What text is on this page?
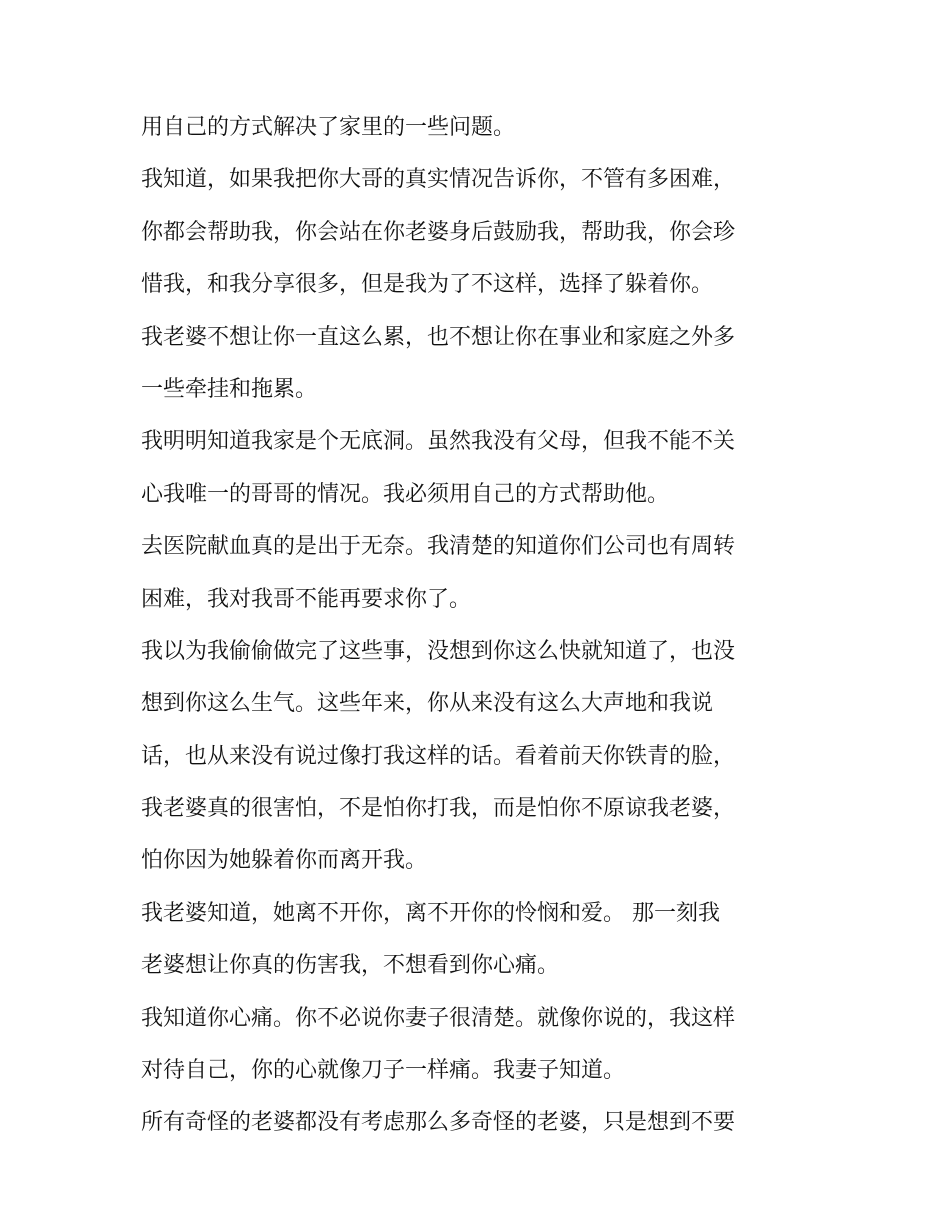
用自己的方式解决了家里的一些问题。
我知道，如果我把你大哥的真实情况告诉你，不管有多困难，
你都会帮助我，你会站在你老婆身后鼓励我，帮助我，你会珍
惜我，和我分享很多，但是我为了不这样，选择了躲着你。
我老婆不想让你一直这么累，也不想让你在事业和家庭之外多
一些牵挂和拖累。
我明明知道我家是个无底洞。虽然我没有父母，但我不能不关
心我唯一的哥哥的情况。我必须用自己的方式帮助他。
去医院献血真的是出于无奈。我清楚的知道你们公司也有周转
困难，我对我哥不能再要求你了。
我以为我偷偷做完了这些事，没想到你这么快就知道了，也没
想到你这么生气。这些年来，你从来没有这么大声地和我说
话，也从来没有说过像打我这样的话。看着前天你铁青的脸，
我老婆真的很害怕，不是怕你打我，而是怕你不原谅我老婆，
怕你因为她躲着你而离开我。
我老婆知道，她离不开你，离不开你的怜悯和爱。 那一刻我
老婆想让你真的伤害我，不想看到你心痛。
我知道你心痛。你不必说你妻子很清楚。就像你说的，我这样
对待自己，你的心就像刀子一样痛。我妻子知道。
所有奇怪的老婆都没有考虑那么多奇怪的老婆，只是想到不要
